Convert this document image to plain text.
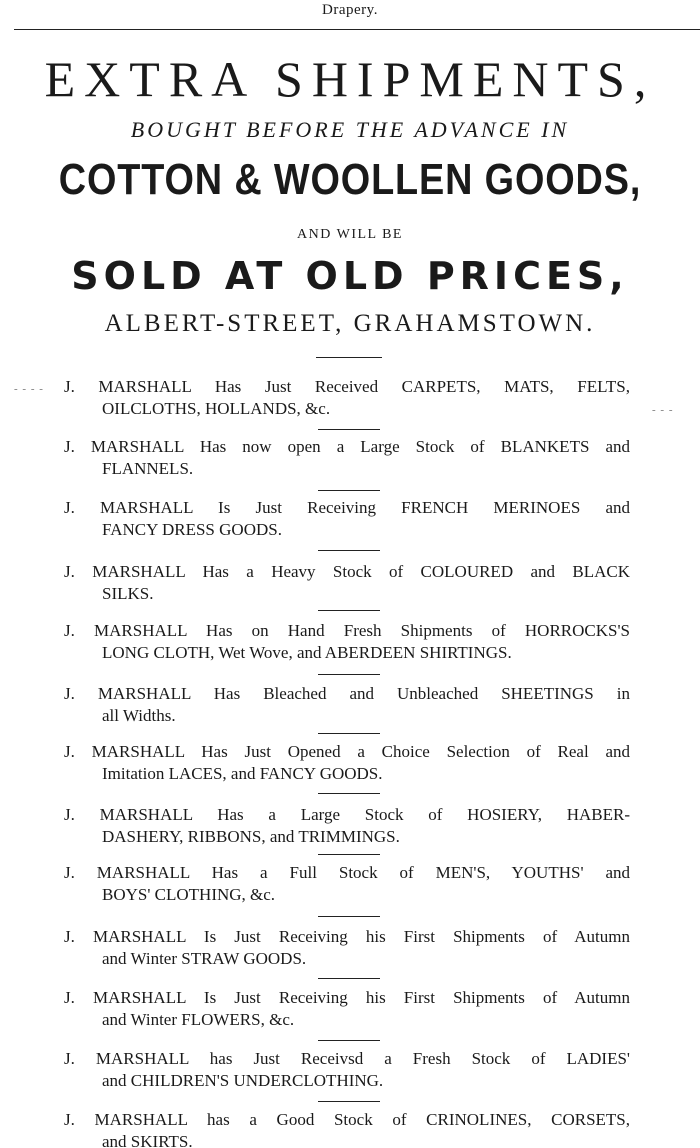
Drapery.
EXTRA SHIPMENTS,
BOUGHT BEFORE THE ADVANCE IN
COTTON & WOOLLEN GOODS,
AND WILL BE
SOLD AT OLD PRICES,
ALBERT-STREET, GRAHAMSTOWN.
J. MARSHALL Has Just Received CARPETS, MATS, FELTS,
OILCLOTHS, HOLLANDS, &c.
J. MARSHALL Has now open a Large Stock of BLANKETS and
FLANNELS.
J. MARSHALL Is Just Receiving FRENCH MERINOES and
FANCY DRESS GOODS.
J. MARSHALL Has a Heavy Stock of COLOURED and BLACK
SILKS.
J. MARSHALL Has on Hand Fresh Shipments of HORROCKS'S
LONG CLOTH, Wet Wove, and ABERDEEN SHIRTINGS.
J. MARSHALL Has Bleached and Unbleached SHEETINGS in
all Widths.
J. MARSHALL Has Just Opened a Choice Selection of Real and
Imitation LACES, and FANCY GOODS.
J. MARSHALL Has a Large Stock of HOSIERY, HABER-
DASHERY, RIBBONS, and TRIMMINGS.
J. MARSHALL Has a Full Stock of MEN'S, YOUTHS' and
BOYS' CLOTHING, &c.
J. MARSHALL Is Just Receiving his First Shipments of Autumn
and Winter STRAW GOODS.
J. MARSHALL Is Just Receiving his First Shipments of Autumn
and Winter FLOWERS, &c.
J. MARSHALL has Just Receivsd a Fresh Stock of LADIES'
and CHILDREN'S UNDERCLOTHING.
J. MARSHALL has a Good Stock of CRINOLINES, CORSETS,
and SKIRTS.
- - - -
- - -
